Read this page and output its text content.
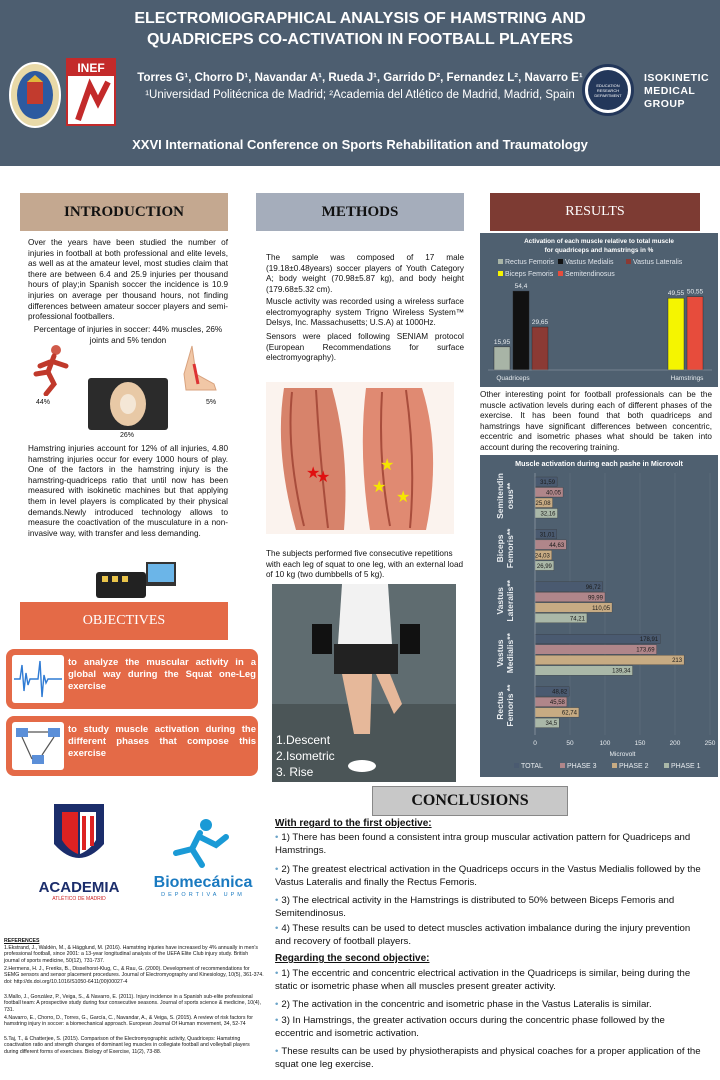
ELECTROMIOGRAPHICAL ANALYSIS OF HAMSTRING AND
QUADRICEPS CO-ACTIVATION IN FOOTBALL PLAYERS
Torres G¹, Chorro D¹, Navandar A¹, Rueda J¹, Garrido D², Fernandez L², Navarro E¹
¹Universidad Politécnica de Madrid; ²Academia del Atlético de Madrid, Madrid, Spain
XXVI International Conference on Sports Rehabilitation and Traumatology
INEF
EDUCATION RESEARCH DEPARTMENT
ISOKINETIC
MEDICAL
GROUP
INTRODUCTION	METHODS	RESULTS
Over the years have been studied the number of injuries in football at both professional and elite levels, as well as at the amateur level, most studies claim that there are between 6.4 and 25.9 injuries per thousand hours of play;in Spanish soccer the incidence is 10.9 injuries on average per thousand hours, not finding differences between amateur soccer players and semi-professional footballers.
Percentage of injuries in soccer: 44% muscles, 26% joints and 5% tendon
44%
26%
5%
Hamstring injuries account for 12% of all injuries, 4.80 hamstring injuries occur for every 1000 hours of play. One of the factors in the hamstring injury is the hamstring-quadriceps ratio that until now has been measured with isokinetic machines but that applying them in level players is complicated by their physical demands.Newly introduced technology allows to measure the coactivation of the musculature in a non-invasive way, with transfer and less demanding.
OBJECTIVES
to analyze the muscular activity in a global way during the Squat one-Leg exercise
to study muscle activation during the different phases that compose this exercise
The sample was composed of 17 male (19.18±0.48years) soccer players of Youth Category A; body weight (70.98±5.87 kg), and body height (179.68±5.32 cm).
Muscle activity was recorded using a wireless surface electromyography system Trigno Wireless System™ Delsys, Inc. Massachusetts; U.S.A) at 1000Hz.
Sensors were placed following SENIAM protocol (European Recommendations for surface electromyography).
★
★
★
★
★
The subjects performed five consecutive repetitions with each leg of squat to one leg, with an external load of 10 kg (two dumbbells of 5 kg).
1.Descent
2.Isometric
3. Rise
Activation of each muscle relative to total muscle
for quadriceps and hamstrings in %
Rectus Femoris Vastus Medialis	Vastus Lateralis
Biceps Femoris Semitendinosus
15,95
54,4
29,65
49,55 50,55
Quadriceps	Hamstrings
Other interesting point for football professionals can be the muscle activation levels during each of different phases of the exercise. It has been found that both quadriceps and hamstrings have significant differences between concentric, eccentric and isometric phases what should be taken into account during the recovering training.
Muscle activation during each pashe in Microvolt
0	50	100	150	200	250
Microvolt
Semitendinosus**	31,59
40,05
25,08
32,16
BicepsFemoris**	31,01
44,63
24,03
26,99
VastusLateralis**	96,72
99,99
110,05
74,21
VastusMedialis**	178,91
173,69
213
139,34
RectusFemoris **	48,82
45,58
62,74
34,5
TOTAL	PHASE 3	PHASE 2	PHASE 1
ACADEMIA
ATLÉTICO DE MADRID
Biomecánica
DEPORTIVA UPM
REFERENCES
1.Ekstrand, J., Waldén, M., & Hägglund, M. (2016). Hamstring injuries have increased by 4% annually in men's professional football, since 2001: a 13-year longitudinal analysis of the UEFA Elite Club injury study. British journal of sports medicine, 50(12), 731-737.
2.Hermens, H. J., Freriks, B., Disselhorst-Klug, C., & Rau, G. (2000). Development of recommendations for SEMG sensors and sensor placement procedures. Journal of Electromyography and Kinesiology, 10(5), 361-374. doi: http://dx.doi.org/10.1016/S1050-6411(00)00027-4
3.Mallo, J., González, P., Veiga, S., & Navarro, E. (2011). Injury incidence in a Spanish sub-elite professional football team: A prospective study during four consecutive seasons. Journal of sports science & medicine, 10(4), 731.
4.Navarro, E., Chorro, D., Torres, G., García, C., Navandar, A., & Veiga, S. (2015). A review of risk factors for hamstring injury in soccer: a biomechanical approach. European Journal Of Human movement, 34, 52-74
5.Taj, T., & Chatterjee, S. (2015). Comparison of the Electromyographic activity, Quadriceps: Hamstring coactivation ratio and strength changes of dominant leg muscles in collegiate football and volleyball players during different forms of exercises. Biology of Exercise, 11(2), 73-88.
CONCLUSIONS
With regard to the first objective:
• 1) There has been found a consistent intra group muscular activation pattern for Quadriceps and Hamstrings.
• 2) The greatest electrical activation in the Quadriceps occurs in the Vastus Medialis followed by the Vastus Lateralis and finally the Rectus Femoris.
• 3) The electrical activity in the Hamstrings is distributed to 50% between Biceps Femoris and Semitendinosus.
• 4) These results can be used to detect muscles activation imbalance during the injury prevention and recovery of football players.
Regarding the second objective:
• 1) The eccentric and concentric electrical activation in the Quadriceps is similar, being during the static or isometric phase when all muscles present greater activity.
• 2) The activation in the concentric and isometric phase in the Vastus Lateralis is similar.
• 3) In Hamstrings, the greater activation occurs during the concentric phase followed by the eccentric and isometric activation.
• These results can be used by physiotherapists and physical coaches for a proper application of the squat one leg exercise.
